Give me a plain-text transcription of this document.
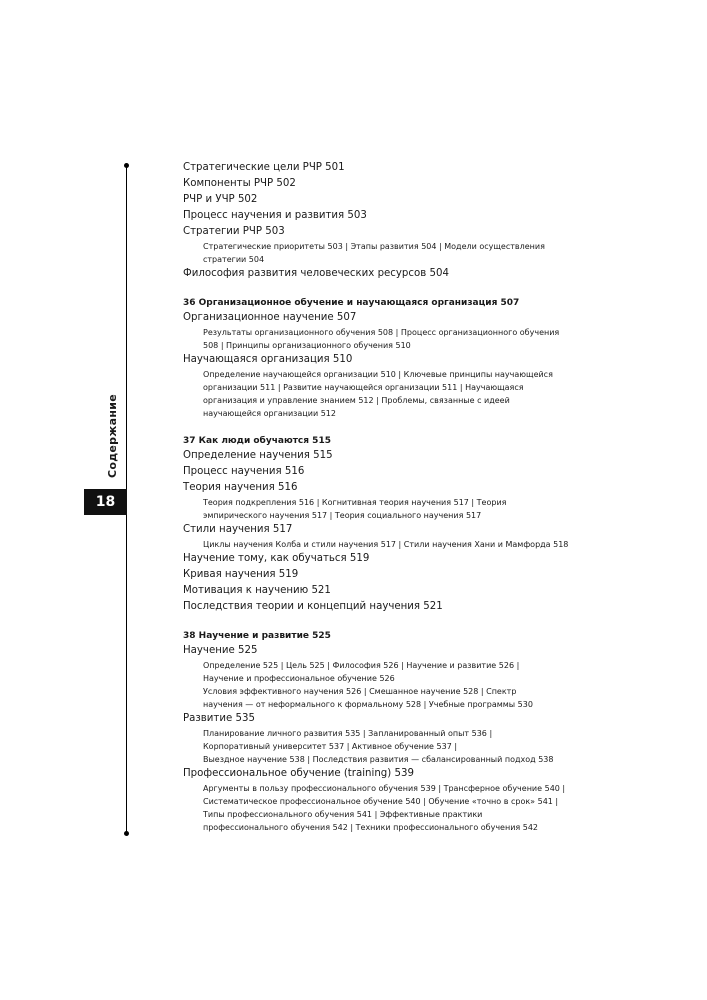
Содержание
18
Стратегические цели РЧР 501
Компоненты РЧР 502
РЧР и УЧР 502
Процесс научения и развития 503
Стратегии РЧР 503
Стратегические приоритеты 503 | Этапы развития 504 | Модели осуществления
стратегии 504
Философия развития человеческих ресурсов 504
36 Организационное обучение и научающаяся организация 507
Организационное научение 507
Результаты организационного обучения 508 | Процесс организационного обучения
508 | Принципы организационного обучения 510
Научающаяся организация 510
Определение научающейся организации 510 | Ключевые принципы научающейся
организации 511 | Развитие научающейся организации 511 | Научающаяся
организация и управление знанием 512 | Проблемы, связанные с идеей
научающейся организации 512
37 Как люди обучаются 515
Определение научения 515
Процесс научения 516
Теория научения 516
Теория подкрепления 516 | Когнитивная теория научения 517 | Теория
эмпирического научения 517 | Теория социального научения 517
Стили научения 517
Циклы научения Колба и стили научения 517 | Стили научения Хани и Мамфорда 518
Научение тому, как обучаться 519
Кривая научения 519
Мотивация к научению 521
Последствия теории и концепций научения 521
38 Научение и развитие 525
Научение 525
Определение 525 | Цель 525 | Философия 526 | Научение и развитие 526 |
Научение и профессиональное обучение 526
Условия эффективного научения 526 | Смешанное научение 528 | Спектр
научения — от неформального к формальному 528 | Учебные программы 530
Развитие 535
Планирование личного развития 535 | Запланированный опыт 536 |
Корпоративный университет 537 | Активное обучение 537 |
Выездное научение 538 | Последствия развития — сбалансированный подход 538
Профессиональное обучение (training) 539
Аргументы в пользу профессионального обучения 539 | Трансферное обучение 540 |
Систематическое профессиональное обучение 540 | Обучение «точно в срок» 541 |
Типы профессионального обучения 541 | Эффективные практики
профессионального обучения 542 | Техники профессионального обучения 542
